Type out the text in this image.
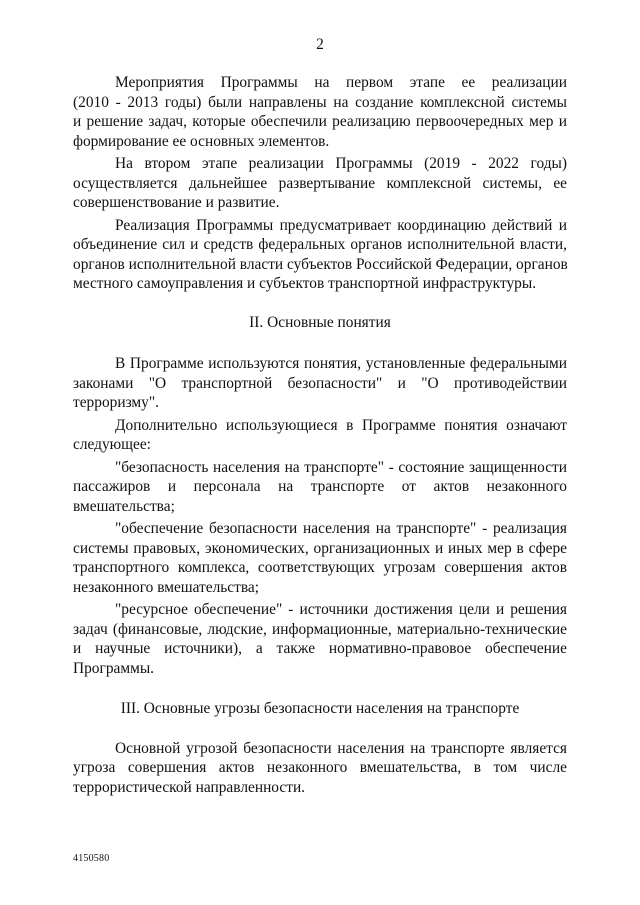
2
Мероприятия Программы на первом этапе ее реализации
(2010 - 2013 годы) были направлены на создание комплексной системы
и решение задач, которые обеспечили реализацию первоочередных мер и
формирование ее основных элементов.
На втором этапе реализации Программы (2019 - 2022 годы)
осуществляется дальнейшее развертывание комплексной системы, ее
совершенствование и развитие.
Реализация Программы предусматривает координацию действий и
объединение сил и средств федеральных органов исполнительной власти,
органов исполнительной власти субъектов Российской Федерации, органов
местного самоуправления и субъектов транспортной инфраструктуры.
II. Основные понятия
В Программе используются понятия, установленные федеральными
законами "О транспортной безопасности" и "О противодействии
терроризму".
Дополнительно использующиеся в Программе понятия означают
следующее:
"безопасность населения на транспорте" - состояние защищенности
пассажиров и персонала на транспорте от актов незаконного
вмешательства;
"обеспечение безопасности населения на транспорте" - реализация
системы правовых, экономических, организационных и иных мер в сфере
транспортного комплекса, соответствующих угрозам совершения актов
незаконного вмешательства;
"ресурсное обеспечение" - источники достижения цели и решения
задач (финансовые, людские, информационные, материально-технические
и научные источники), а также нормативно-правовое обеспечение
Программы.
III. Основные угрозы безопасности населения на транспорте
Основной угрозой безопасности населения на транспорте является
угроза совершения актов незаконного вмешательства, в том числе
террористической направленности.
4150580
